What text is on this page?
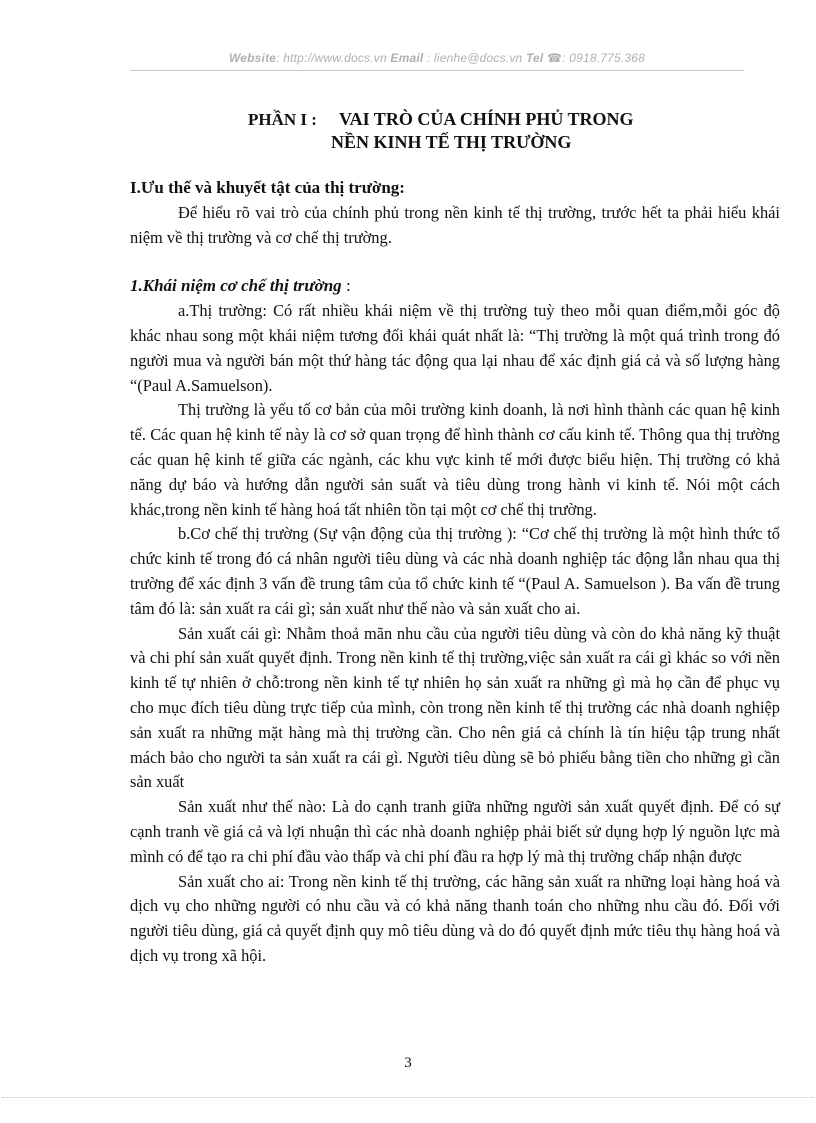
Website: http://www.docs.vn Email : lienhe@docs.vn Tel ☎: 0918.775.368
PHẦN I : VAI TRÒ CỦA CHÍNH PHỦ TRONG
NỀN KINH TẾ THỊ TRƯỜNG
I.Ưu thế và khuyết tật của thị trường:

Để hiểu rõ vai trò của chính phủ trong nền kinh tế thị trường, trước hết ta phải hiểu khái niệm về thị trường và cơ chế thị trường.

1.Khái niệm cơ chế thị trường :

a.Thị trường: Có rất nhiều khái niệm về thị trường tuỳ theo mỗi quan điểm,mỗi góc độ khác nhau song một khái niệm tương đối khái quát nhất là: “Thị trường là một quá trình trong đó người mua và người bán một thứ hàng tác động qua lại nhau để xác định giá cả và số lượng hàng “(Paul A.Samuelson).

Thị trường là yếu tố cơ bản của môi trường kinh doanh, là nơi hình thành các quan hệ kinh tế. Các quan hệ kinh tế này là cơ sở quan trọng để hình thành cơ cấu kinh tế. Thông qua thị trường các quan hệ kinh tế giữa các ngành, các khu vực kinh tế mới được biểu hiện. Thị trường có khả năng dự báo và hướng dẫn người sản suất và tiêu dùng trong hành vi kinh tế. Nói một cách khác,trong nền kinh tế hàng hoá tất nhiên tồn tại một cơ chế thị trường.

b.Cơ chế thị trường (Sự vận động của thị trường ): “Cơ chế thị trường là một hình thức tổ chức kinh tế trong đó cá nhân người tiêu dùng và các nhà doanh nghiệp tác động lẫn nhau qua thị trường để xác định 3 vấn đề trung tâm của tổ chức kinh tế “(Paul A. Samuelson ). Ba vấn đề trung tâm đó là: sản xuất ra cái gì; sản xuất như thế nào và sản xuất cho ai.

Sản xuất cái gì: Nhằm thoả mãn nhu cầu của người tiêu dùng và còn do khả năng kỹ thuật và chi phí sản xuất quyết định. Trong nền kinh tế thị trường,việc sản xuất ra cái gì khác so với nền kinh tế tự nhiên ở chỗ:trong nền kinh tế tự nhiên họ sản xuất ra những gì mà họ cần để phục vụ cho mục đích tiêu dùng trực tiếp của mình, còn trong nền kinh tế thị trường các nhà doanh nghiệp sản xuất ra những mặt hàng mà thị trường cần. Cho nên giá cả chính là tín hiệu tập trung nhất mách bảo cho người ta sản xuất ra cái gì. Người tiêu dùng sẽ bỏ phiếu bằng tiền cho những gì cần sản xuất

Sản xuất như thế nào: Là do cạnh tranh giữa những người sản xuất quyết định. Để có sự cạnh tranh về giá cả và lợi nhuận thì các nhà doanh nghiệp phải biết sử dụng hợp lý nguồn lực mà mình có để tạo ra chi phí đầu vào thấp và chi phí đầu ra hợp lý mà thị trường chấp nhận được

Sản xuất cho ai: Trong nền kinh tế thị trường, các hãng sản xuất ra những loại hàng hoá và dịch vụ cho những người có nhu cầu và có khả năng thanh toán cho những nhu cầu đó. Đối với người tiêu dùng, giá cả quyết định quy mô tiêu dùng và do đó quyết định mức tiêu thụ hàng hoá và dịch vụ trong xã hội.

3
